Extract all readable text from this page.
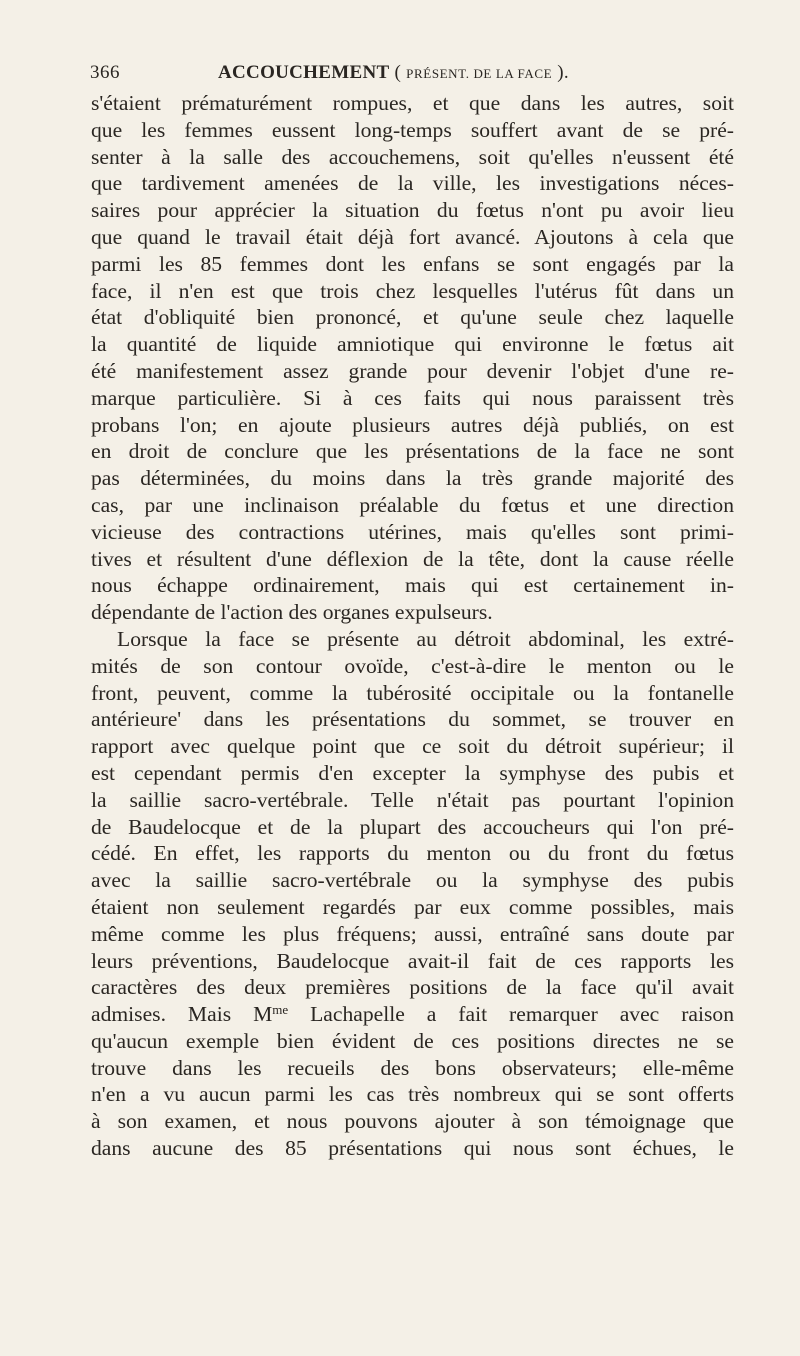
366	ACCOUCHEMENT ( PRÉSENT. DE LA FACE ).
s'étaient prématurément rompues, et que dans les autres, soit
que les femmes eussent long-temps souffert avant de se pré-
senter à la salle des accouchemens, soit qu'elles n'eussent été
que tardivement amenées de la ville, les investigations néces-
saires pour apprécier la situation du fœtus n'ont pu avoir lieu
que quand le travail était déjà fort avancé. Ajoutons à cela que
parmi les 85 femmes dont les enfans se sont engagés par la
face, il n'en est que trois chez lesquelles l'utérus fût dans un
état d'obliquité bien prononcé, et qu'une seule chez laquelle
la quantité de liquide amniotique qui environne le fœtus ait
été manifestement assez grande pour devenir l'objet d'une re-
marque particulière. Si à ces faits qui nous paraissent très
probans l'on; en ajoute plusieurs autres déjà publiés, on est
en droit de conclure que les présentations de la face ne sont
pas déterminées, du moins dans la très grande majorité des
cas, par une inclinaison préalable du fœtus et une direction
vicieuse des contractions utérines, mais qu'elles sont primi-
tives et résultent d'une déflexion de la tête, dont la cause réelle
nous échappe ordinairement, mais qui est certainement in-
dépendante de l'action des organes expulseurs.
Lorsque la face se présente au détroit abdominal, les extré-
mités de son contour ovoïde, c'est-à-dire le menton ou le
front, peuvent, comme la tubérosité occipitale ou la fontanelle
antérieure' dans les présentations du sommet, se trouver en
rapport avec quelque point que ce soit du détroit supérieur; il
est cependant permis d'en excepter la symphyse des pubis et
la saillie sacro-vertébrale. Telle n'était pas pourtant l'opinion
de Baudelocque et de la plupart des accoucheurs qui l'on pré-
cédé. En effet, les rapports du menton ou du front du fœtus
avec la saillie sacro-vertébrale ou la symphyse des pubis
étaient non seulement regardés par eux comme possibles, mais
même comme les plus fréquens; aussi, entraîné sans doute par
leurs préventions, Baudelocque avait-il fait de ces rapports les
caractères des deux premières positions de la face qu'il avait
admises. Mais $M^{me}$ Lachapelle a fait remarquer avec raison
qu'aucun exemple bien évident de ces positions directes ne se
trouve dans les recueils des bons observateurs; elle-même
n'en a vu aucun parmi les cas très nombreux qui se sont offerts
à son examen, et nous pouvons ajouter à son témoignage que
dans aucune des 85 présentations qui nous sont échues, le
